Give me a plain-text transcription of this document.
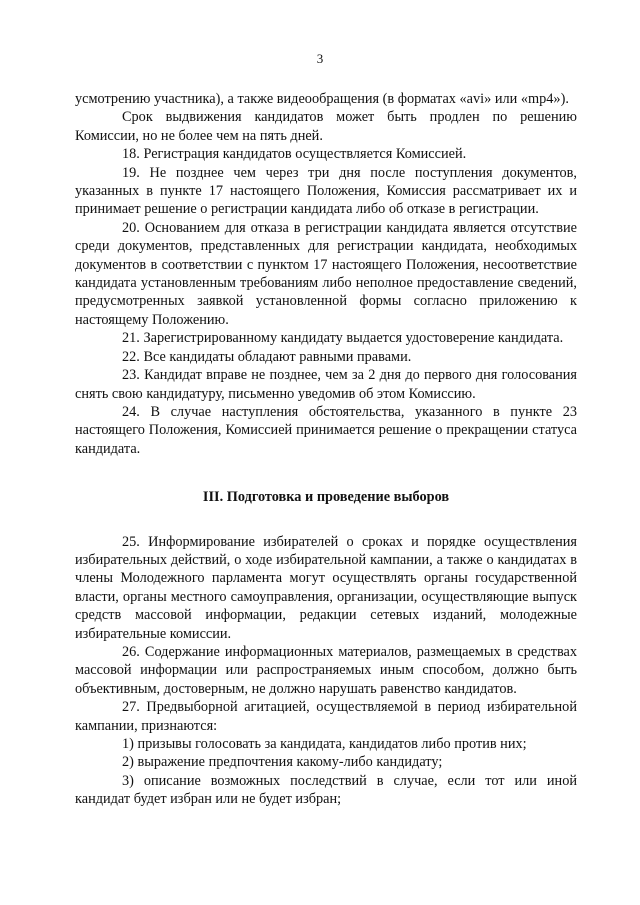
3

усмотрению участника), а также видеообращения (в форматах «avi» или «mp4»).

Срок выдвижения кандидатов может быть продлен по решению Комиссии, но не более чем на пять дней.

18. Регистрация кандидатов осуществляется Комиссией.

19. Не позднее чем через три дня после поступления документов, указанных в пункте 17 настоящего Положения, Комиссия рассматривает их и принимает решение о регистрации кандидата либо об отказе в регистрации.

20. Основанием для отказа в регистрации кандидата является отсутствие среди документов, представленных для регистрации кандидата, необходимых документов в соответствии с пунктом 17 настоящего Положения, несоответствие кандидата установленным требованиям либо неполное предоставление сведений, предусмотренных заявкой установленной формы согласно приложению к настоящему Положению.

21. Зарегистрированному кандидату выдается удостоверение кандидата.

22. Все кандидаты обладают равными правами.

23. Кандидат вправе не позднее, чем за 2 дня до первого дня голосования снять свою кандидатуру, письменно уведомив об этом Комиссию.

24. В случае наступления обстоятельства, указанного в пункте 23 настоящего Положения, Комиссией принимается решение о прекращении статуса кандидата.

III. Подготовка и проведение выборов

25. Информирование избирателей о сроках и порядке осуществления избирательных действий, о ходе избирательной кампании, а также о кандидатах в члены Молодежного парламента могут осуществлять органы государственной власти, органы местного самоуправления, организации, осуществляющие выпуск средств массовой информации, редакции сетевых изданий, молодежные избирательные комиссии.

26. Содержание информационных материалов, размещаемых в средствах массовой информации или распространяемых иным способом, должно быть объективным, достоверным, не должно нарушать равенство кандидатов.

27. Предвыборной агитацией, осуществляемой в период избирательной кампании, признаются:

1) призывы голосовать за кандидата, кандидатов либо против них;

2) выражение предпочтения какому-либо кандидату;

3) описание возможных последствий в случае, если тот или иной кандидат будет избран или не будет избран;
